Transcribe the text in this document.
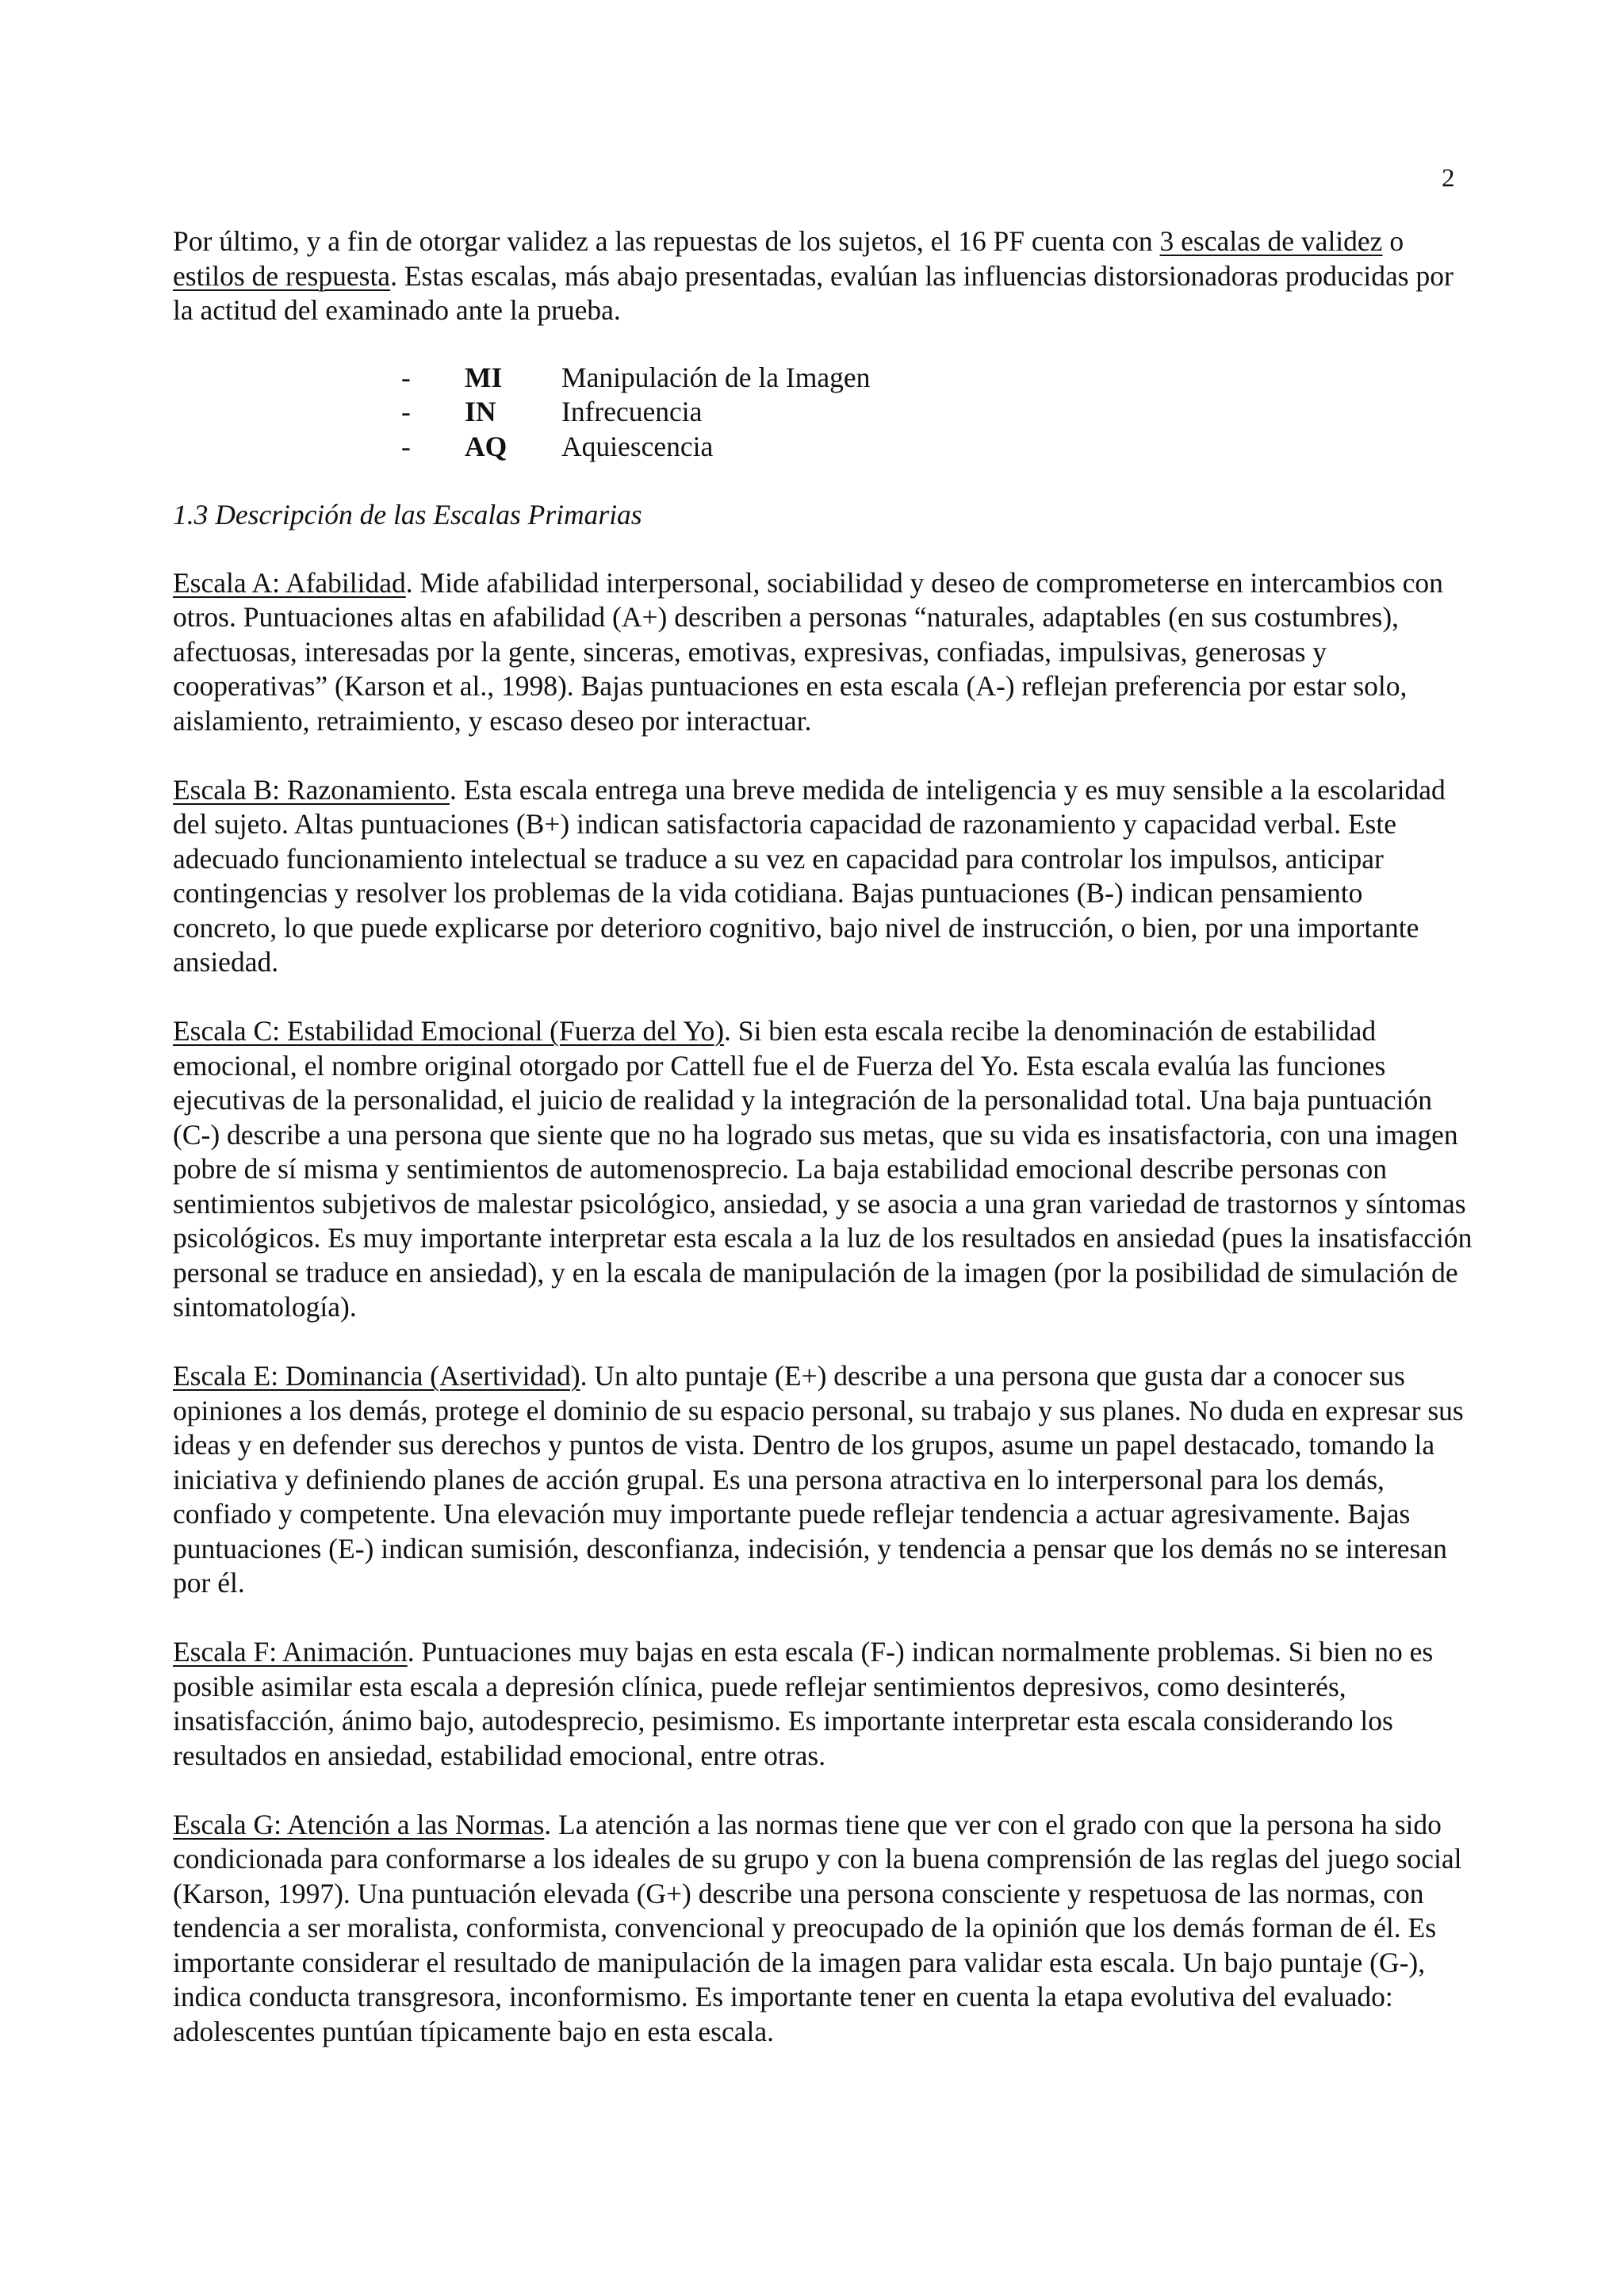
2

Por último, y a fin de otorgar validez a las repuestas de los sujetos, el 16 PF cuenta con 3 escalas de validez o estilos de respuesta. Estas escalas, más abajo presentadas, evalúan las influencias distorsionadoras producidas por la actitud del examinado ante la prueba.

-	MI	Manipulación de la Imagen
-	IN	Infrecuencia
-	AQ	Aquiescencia

1.3 Descripción de las Escalas Primarias

Escala A: Afabilidad. Mide afabilidad interpersonal, sociabilidad y deseo de comprometerse en intercambios con otros. Puntuaciones altas en afabilidad (A+) describen a personas “naturales, adaptables (en sus costumbres), afectuosas, interesadas por la gente, sinceras, emotivas, expresivas, confiadas, impulsivas, generosas y cooperativas” (Karson et al., 1998). Bajas puntuaciones en esta escala (A-) reflejan preferencia por estar solo, aislamiento, retraimiento, y escaso deseo por interactuar.

Escala B: Razonamiento. Esta escala entrega una breve medida de inteligencia y es muy sensible a la escolaridad del sujeto. Altas puntuaciones (B+) indican satisfactoria capacidad de razonamiento y capacidad verbal. Este adecuado funcionamiento intelectual se traduce a su vez en capacidad para controlar los impulsos, anticipar contingencias y resolver los problemas de la vida cotidiana. Bajas puntuaciones (B-) indican pensamiento concreto, lo que puede explicarse por deterioro cognitivo, bajo nivel de instrucción, o bien, por una importante ansiedad.

Escala C: Estabilidad Emocional (Fuerza del Yo). Si bien esta escala recibe la denominación de estabilidad emocional, el nombre original otorgado por Cattell fue el de Fuerza del Yo. Esta escala evalúa las funciones ejecutivas de la personalidad, el juicio de realidad y la integración de la personalidad total. Una baja puntuación (C-) describe a una persona que siente que no ha logrado sus metas, que su vida es insatisfactoria, con una imagen pobre de sí misma y sentimientos de automenosprecio. La baja estabilidad emocional describe personas con sentimientos subjetivos de malestar psicológico, ansiedad, y se asocia a una gran variedad de trastornos y síntomas psicológicos. Es muy importante interpretar esta escala a la luz de los resultados en ansiedad (pues la insatisfacción personal se traduce en ansiedad), y en la escala de manipulación de la imagen (por la posibilidad de simulación de sintomatología).

Escala E: Dominancia (Asertividad). Un alto puntaje (E+) describe a una persona que gusta dar a conocer sus opiniones a los demás, protege el dominio de su espacio personal, su trabajo y sus planes. No duda en expresar sus ideas y en defender sus derechos y puntos de vista. Dentro de los grupos, asume un papel destacado, tomando la iniciativa y definiendo planes de acción grupal. Es una persona atractiva en lo interpersonal para los demás, confiado y competente. Una elevación muy importante puede reflejar tendencia a actuar agresivamente. Bajas puntuaciones (E-) indican sumisión, desconfianza, indecisión, y tendencia a pensar que los demás no se interesan por él.

Escala F: Animación. Puntuaciones muy bajas en esta escala (F-) indican normalmente problemas. Si bien no es posible asimilar esta escala a depresión clínica, puede reflejar sentimientos depresivos, como desinterés, insatisfacción, ánimo bajo, autodesprecio, pesimismo. Es importante interpretar esta escala considerando los resultados en ansiedad, estabilidad emocional, entre otras.

Escala G: Atención a las Normas. La atención a las normas tiene que ver con el grado con que la persona ha sido condicionada para conformarse a los ideales de su grupo y con la buena comprensión de las reglas del juego social (Karson, 1997). Una puntuación elevada (G+) describe una persona consciente y respetuosa de las normas, con tendencia a ser moralista, conformista, convencional y preocupado de la opinión que los demás forman de él. Es importante considerar el resultado de manipulación de la imagen para validar esta escala. Un bajo puntaje (G-), indica conducta transgresora, inconformismo. Es importante tener en cuenta la etapa evolutiva del evaluado: adolescentes puntúan típicamente bajo en esta escala.
